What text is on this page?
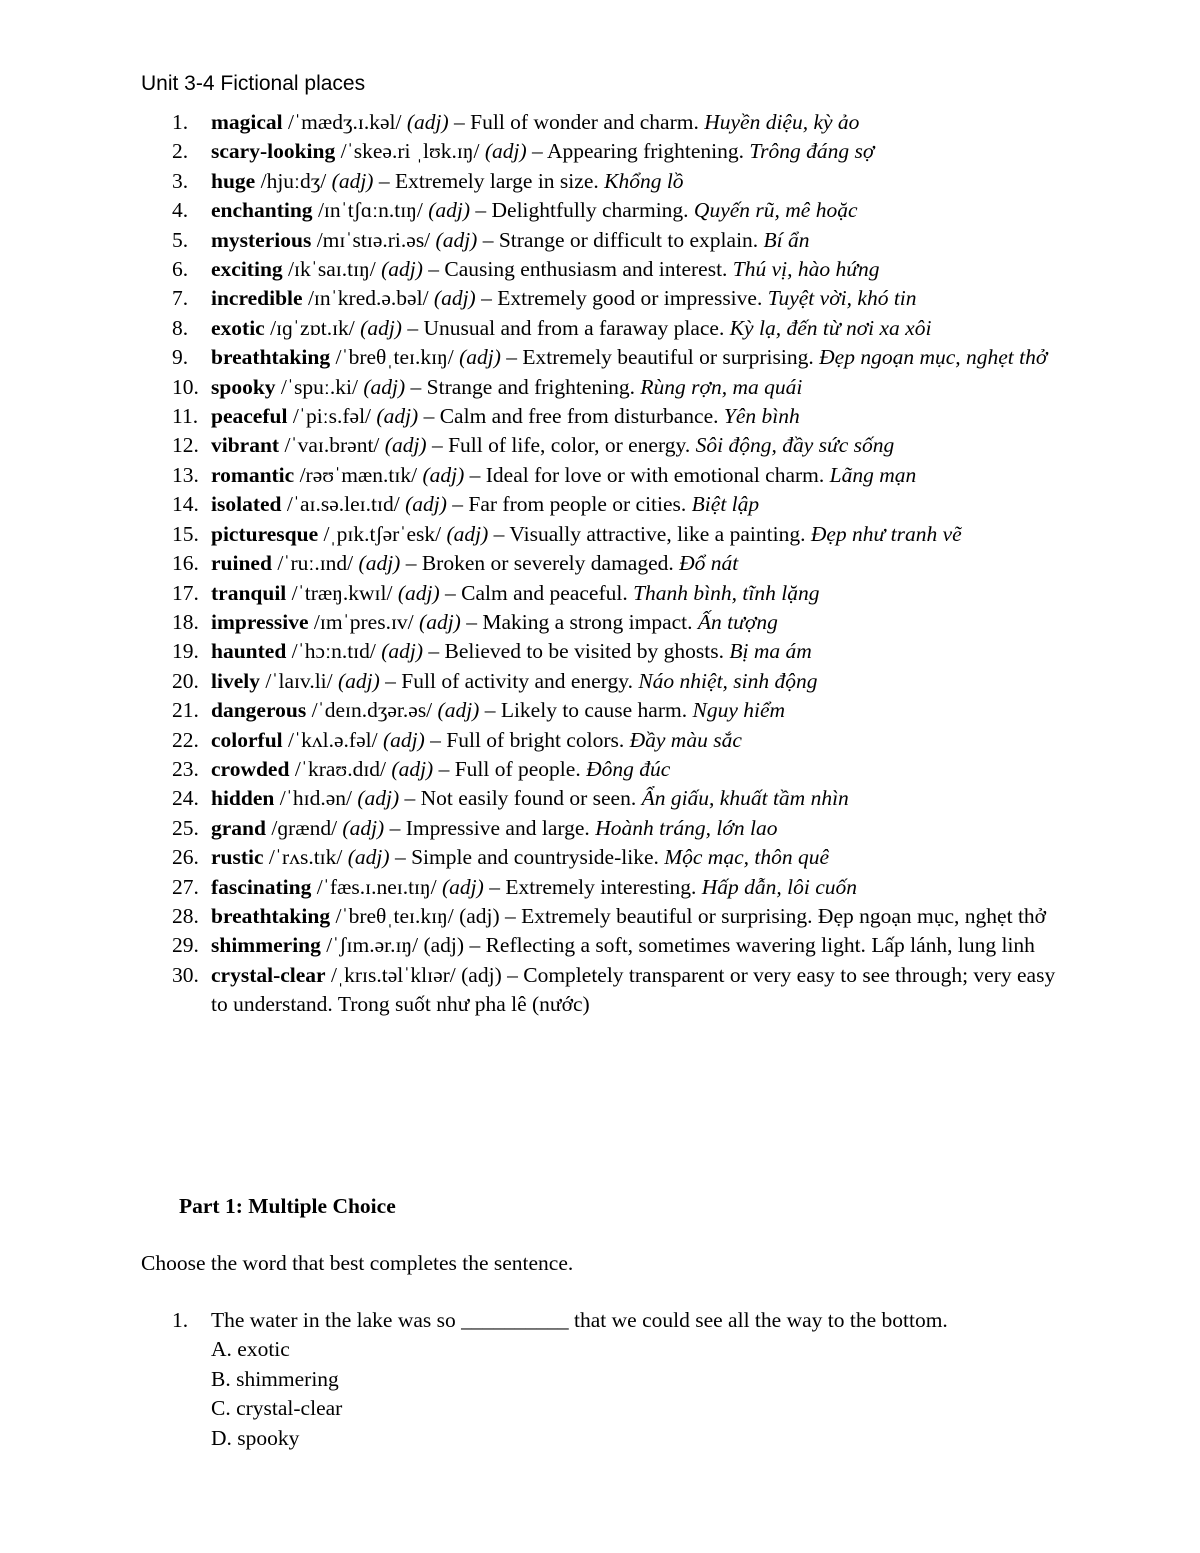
Unit 3-4 Fictional places
1. magical /ˈmædʒ.ɪ.kəl/ (adj) – Full of wonder and charm. Huyền diệu, kỳ ảo
2. scary-looking /ˈskeə.ri ˌlʊk.ɪŋ/ (adj) – Appearing frightening. Trông đáng sợ
3. huge /hjuːdʒ/ (adj) – Extremely large in size. Khổng lồ
4. enchanting /ɪnˈtʃɑːn.tɪŋ/ (adj) – Delightfully charming. Quyến rũ, mê hoặc
5. mysterious /mɪˈstɪə.ri.əs/ (adj) – Strange or difficult to explain. Bí ẩn
6. exciting /ɪkˈsaɪ.tɪŋ/ (adj) – Causing enthusiasm and interest. Thú vị, hào hứng
7. incredible /ɪnˈkred.ə.bəl/ (adj) – Extremely good or impressive. Tuyệt vời, khó tin
8. exotic /ɪɡˈzɒt.ɪk/ (adj) – Unusual and from a faraway place. Kỳ lạ, đến từ nơi xa xôi
9. breathtaking /ˈbreθˌteɪ.kɪŋ/ (adj) – Extremely beautiful or surprising. Đẹp ngoạn mục, nghẹt thở
10. spooky /ˈspuː.ki/ (adj) – Strange and frightening. Rùng rợn, ma quái
11. peaceful /ˈpiːs.fəl/ (adj) – Calm and free from disturbance. Yên bình
12. vibrant /ˈvaɪ.brənt/ (adj) – Full of life, color, or energy. Sôi động, đầy sức sống
13. romantic /rəʊˈmæn.tɪk/ (adj) – Ideal for love or with emotional charm. Lãng mạn
14. isolated /ˈaɪ.sə.leɪ.tɪd/ (adj) – Far from people or cities. Biệt lập
15. picturesque /ˌpɪk.tʃərˈesk/ (adj) – Visually attractive, like a painting. Đẹp như tranh vẽ
16. ruined /ˈruː.ɪnd/ (adj) – Broken or severely damaged. Đổ nát
17. tranquil /ˈtræŋ.kwɪl/ (adj) – Calm and peaceful. Thanh bình, tĩnh lặng
18. impressive /ɪmˈpres.ɪv/ (adj) – Making a strong impact. Ấn tượng
19. haunted /ˈhɔːn.tɪd/ (adj) – Believed to be visited by ghosts. Bị ma ám
20. lively /ˈlaɪv.li/ (adj) – Full of activity and energy. Náo nhiệt, sinh động
21. dangerous /ˈdeɪn.dʒər.əs/ (adj) – Likely to cause harm. Nguy hiểm
22. colorful /ˈkʌl.ə.fəl/ (adj) – Full of bright colors. Đầy màu sắc
23. crowded /ˈkraʊ.dɪd/ (adj) – Full of people. Đông đúc
24. hidden /ˈhɪd.ən/ (adj) – Not easily found or seen. Ẩn giấu, khuất tầm nhìn
25. grand /ɡrænd/ (adj) – Impressive and large. Hoành tráng, lớn lao
26. rustic /ˈrʌs.tɪk/ (adj) – Simple and countryside-like. Mộc mạc, thôn quê
27. fascinating /ˈfæs.ɪ.neɪ.tɪŋ/ (adj) – Extremely interesting. Hấp dẫn, lôi cuốn
28. breathtaking /ˈbreθˌteɪ.kɪŋ/ (adj) – Extremely beautiful or surprising. Đẹp ngoạn mục, nghẹt thở
29. shimmering /ˈʃɪm.ər.ɪŋ/ (adj) – Reflecting a soft, sometimes wavering light. Lấp lánh, lung linh
30. crystal-clear /ˌkrɪs.təlˈklɪər/ (adj) – Completely transparent or very easy to see through; very easy to understand. Trong suốt như pha lê (nước)
Part 1: Multiple Choice
Choose the word that best completes the sentence.
1. The water in the lake was so __________ that we could see all the way to the bottom.
A. exotic
B. shimmering
C. crystal-clear
D. spooky
